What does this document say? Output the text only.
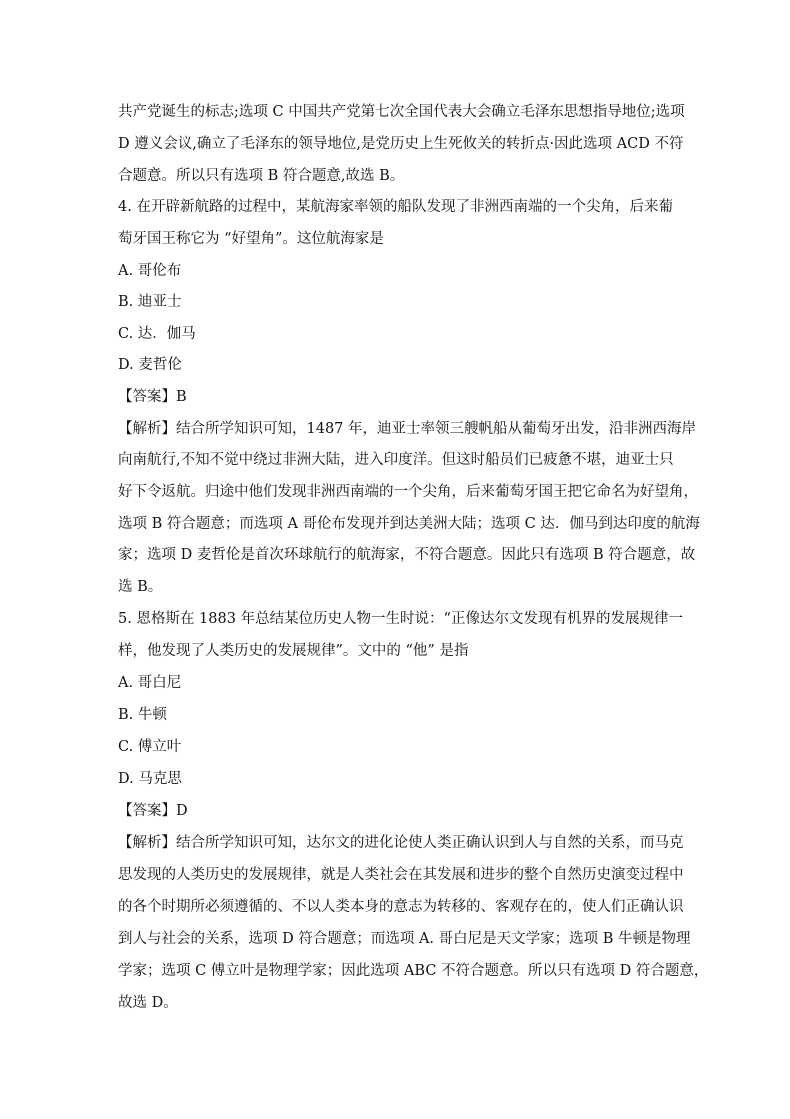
共产党诞生的标志;选项 C 中国共产党第七次全国代表大会确立毛泽东思想指导地位;选项
D 遵义会议,确立了毛泽东的领导地位,是党历史上生死攸关的转折点·因此选项 ACD 不符
合题意。所以只有选项 B 符合题意,故选 B。
4. 在开辟新航路的过程中，某航海家率领的船队发现了非洲西南端的一个尖角，后来葡
萄牙国王称它为 “好望角”。这位航海家是
A. 哥伦布
B. 迪亚士
C. 达．伽马
D. 麦哲伦
【答案】B
【解析】结合所学知识可知，1487 年，迪亚士率领三艘帆船从葡萄牙出发，沿非洲西海岸
向南航行,不知不觉中绕过非洲大陆，进入印度洋。但这时船员们已疲惫不堪，迪亚士只
好下令返航。归途中他们发现非洲西南端的一个尖角，后来葡萄牙国王把它命名为好望角，
选项 B 符合题意；而选项 A 哥伦布发现并到达美洲大陆；选项 C 达．伽马到达印度的航海
家；选项 D 麦哲伦是首次环球航行的航海家，不符合题意。因此只有选项 B 符合题意，故
选 B。
5. 恩格斯在 1883 年总结某位历史人物一生时说：“正像达尔文发现有机界的发展规律一
样，他发现了人类历史的发展规律”。文中的 “他” 是指
A. 哥白尼
B. 牛顿
C. 傅立叶
D. 马克思
【答案】D
【解析】结合所学知识可知，达尔文的进化论使人类正确认识到人与自然的关系，而马克
思发现的人类历史的发展规律，就是人类社会在其发展和进步的整个自然历史演变过程中
的各个时期所必须遵循的、不以人类本身的意志为转移的、客观存在的，使人们正确认识
到人与社会的关系，选项 D 符合题意；而选项 A. 哥白尼是天文学家；选项 B 牛顿是物理
学家；选项 C 傅立叶是物理学家；因此选项 ABC 不符合题意。所以只有选项 D 符合题意，
故选 D。
